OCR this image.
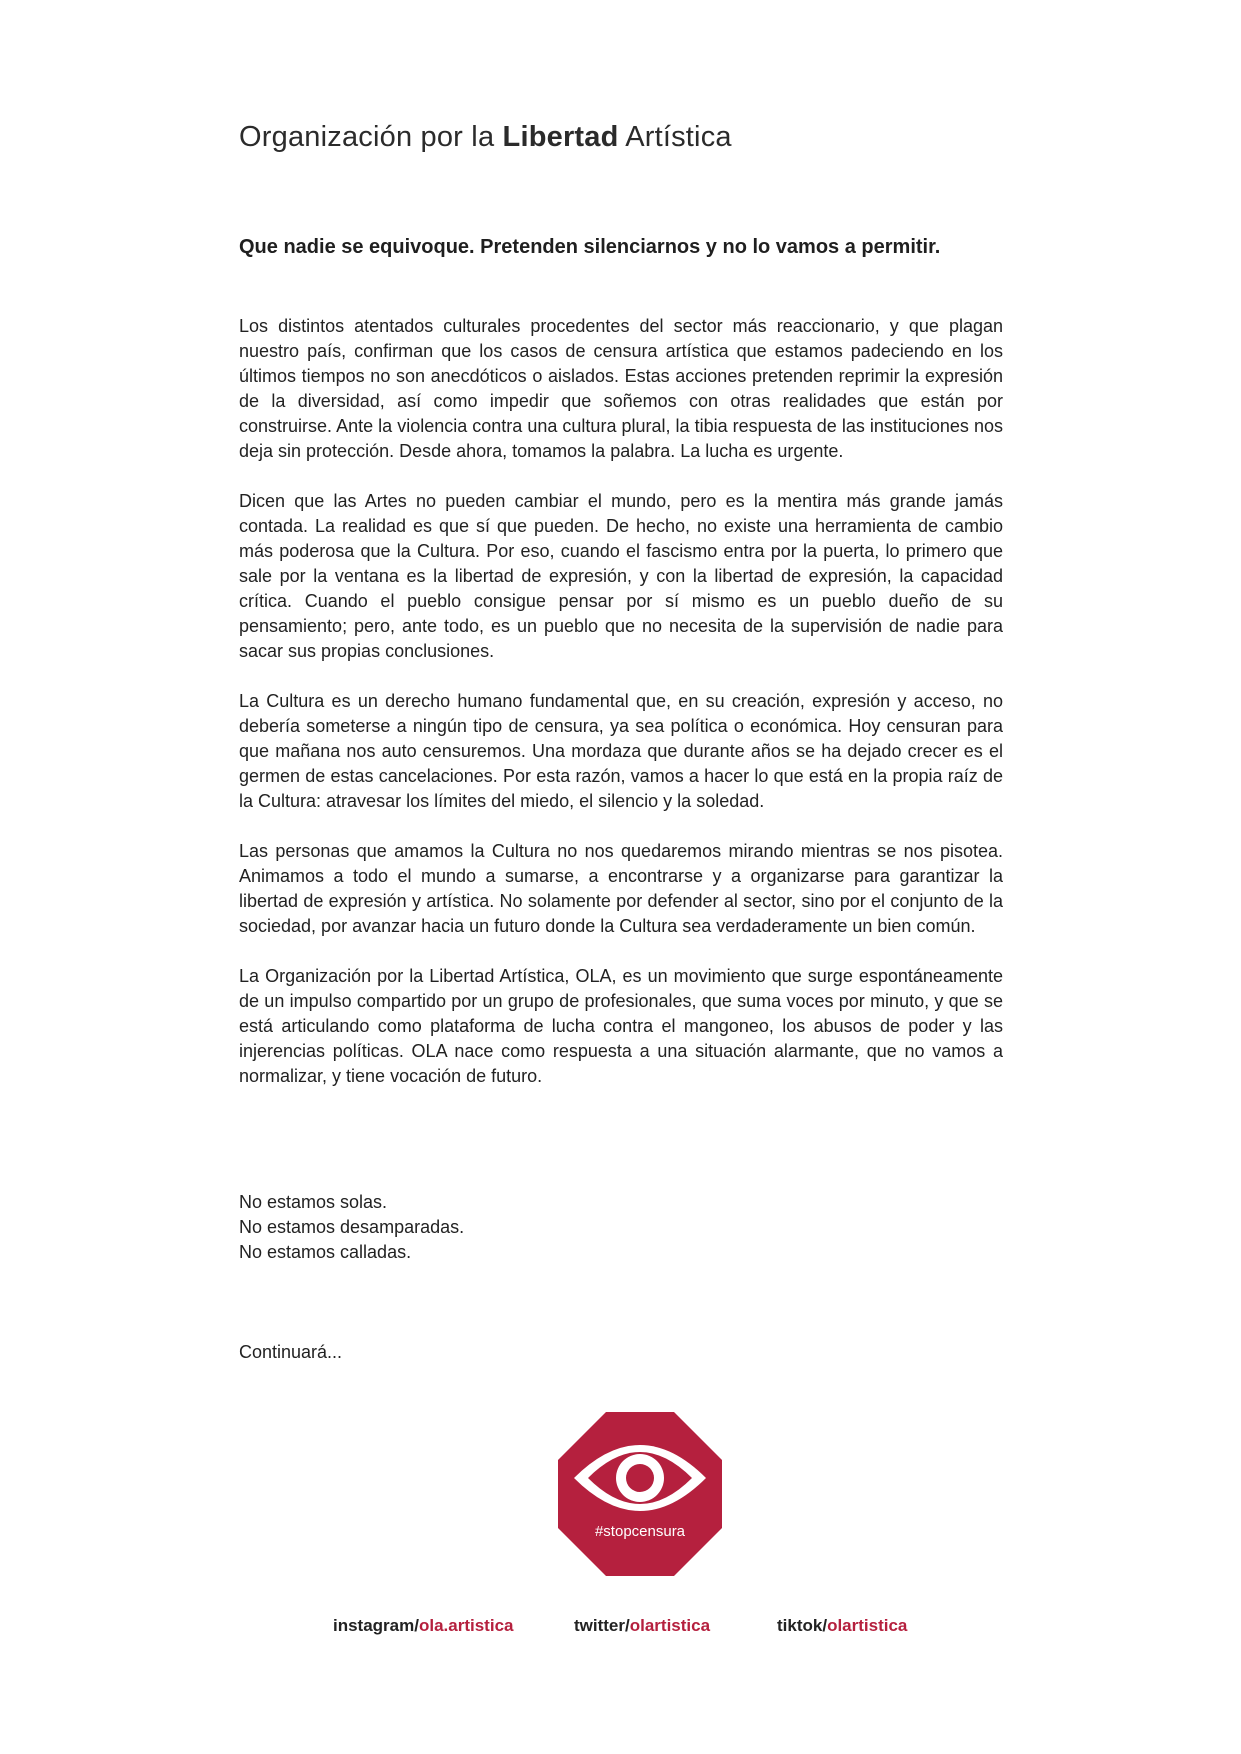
Organización por la Libertad Artística
Que nadie se equivoque. Pretenden silenciarnos y no lo vamos a permitir.

Los distintos atentados culturales procedentes del sector más reaccionario, y que plagan nuestro país, confirman que los casos de censura artística que estamos padeciendo en los últimos tiempos no son anecdóticos o aislados. Estas acciones pretenden reprimir la expresión de la diversidad, así como impedir que soñemos con otras realidades que están por construirse. Ante la violencia contra una cultura plural, la tibia respuesta de las instituciones nos deja sin protección. Desde ahora, tomamos la palabra. La lucha es urgente.

Dicen que las Artes no pueden cambiar el mundo, pero es la mentira más grande jamás contada. La realidad es que sí que pueden. De hecho, no existe una herramienta de cambio más poderosa que la Cultura. Por eso, cuando el fascismo entra por la puerta, lo primero que sale por la ventana es la libertad de expresión, y con la libertad de expresión, la capacidad crítica. Cuando el pueblo consigue pensar por sí mismo es un pueblo dueño de su pensamiento; pero, ante todo, es un pueblo que no necesita de la supervisión de nadie para sacar sus propias conclusiones.

La Cultura es un derecho humano fundamental que, en su creación, expresión y acceso, no debería someterse a ningún tipo de censura, ya sea política o económica. Hoy censuran para que mañana nos auto censuremos. Una mordaza que durante años se ha dejado crecer es el germen de estas cancelaciones. Por esta razón, vamos a hacer lo que está en la propia raíz de la Cultura: atravesar los límites del miedo, el silencio y la soledad.

Las personas que amamos la Cultura no nos quedaremos mirando mientras se nos pisotea. Animamos a todo el mundo a sumarse, a encontrarse y a organizarse para garantizar la libertad de expresión y artística. No solamente por defender al sector, sino por el conjunto de la sociedad, por avanzar hacia un futuro donde la Cultura sea verdaderamente un bien común.

La Organización por la Libertad Artística, OLA, es un movimiento que surge espontáneamente de un impulso compartido por un grupo de profesionales, que suma voces por minuto, y que se está articulando como plataforma de lucha contra el mangoneo, los abusos de poder y las injerencias políticas. OLA nace como respuesta a una situación alarmante, que no vamos a normalizar, y tiene vocación de futuro.

No estamos solas.
No estamos desamparadas.
No estamos calladas.
Continuará...
#stopcensura
instagram/ola.artistica	twitter/olartistica	tiktok/olartistica
